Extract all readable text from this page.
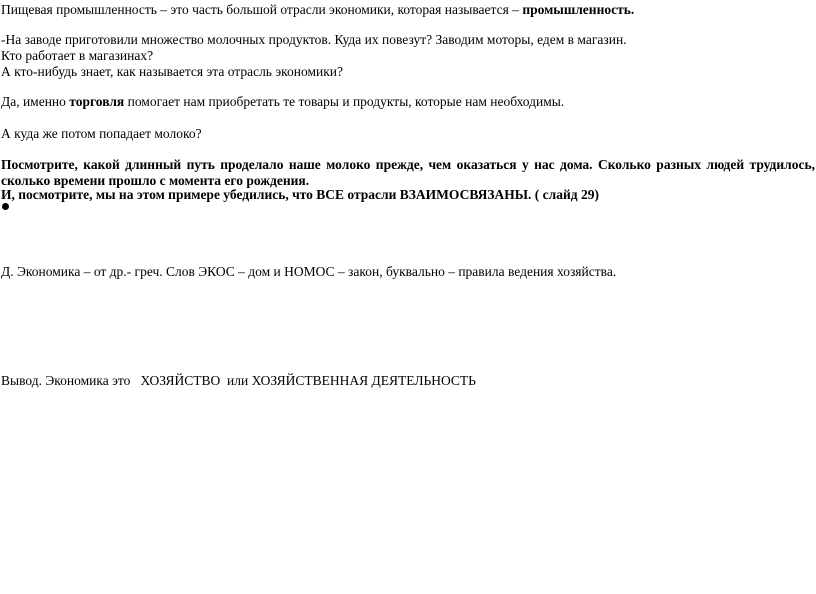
Пищевая промышленность – это часть большой отрасли экономики, которая называется – промышленность.
-На заводе приготовили множество молочных продуктов. Куда их повезут? Заводим моторы, едем в магазин.
Кто работает в магазинах?
А кто-нибудь знает, как называется эта отрасль экономики?
Да, именно торговля помогает нам приобретать те товары и продукты, которые нам необходимы.
А куда же потом попадает молоко?
Посмотрите, какой длинный путь проделало наше молоко прежде, чем оказаться у нас дома. Сколько разных людей трудилось, сколько времени прошло с момента его рождения.
И, посмотрите, мы на этом примере убедились, что ВСЕ отрасли ВЗАИМОСВЯЗАНЫ. ( слайд 29)
Д. Экономика – от др.- греч. Слов ЭКОС – дом и НОМОС – закон, буквально – правила ведения хозяйства.
Вывод. Экономика это   ХОЗЯЙСТВО  или ХОЗЯЙСТВЕННАЯ ДЕЯТЕЛЬНОСТЬ
